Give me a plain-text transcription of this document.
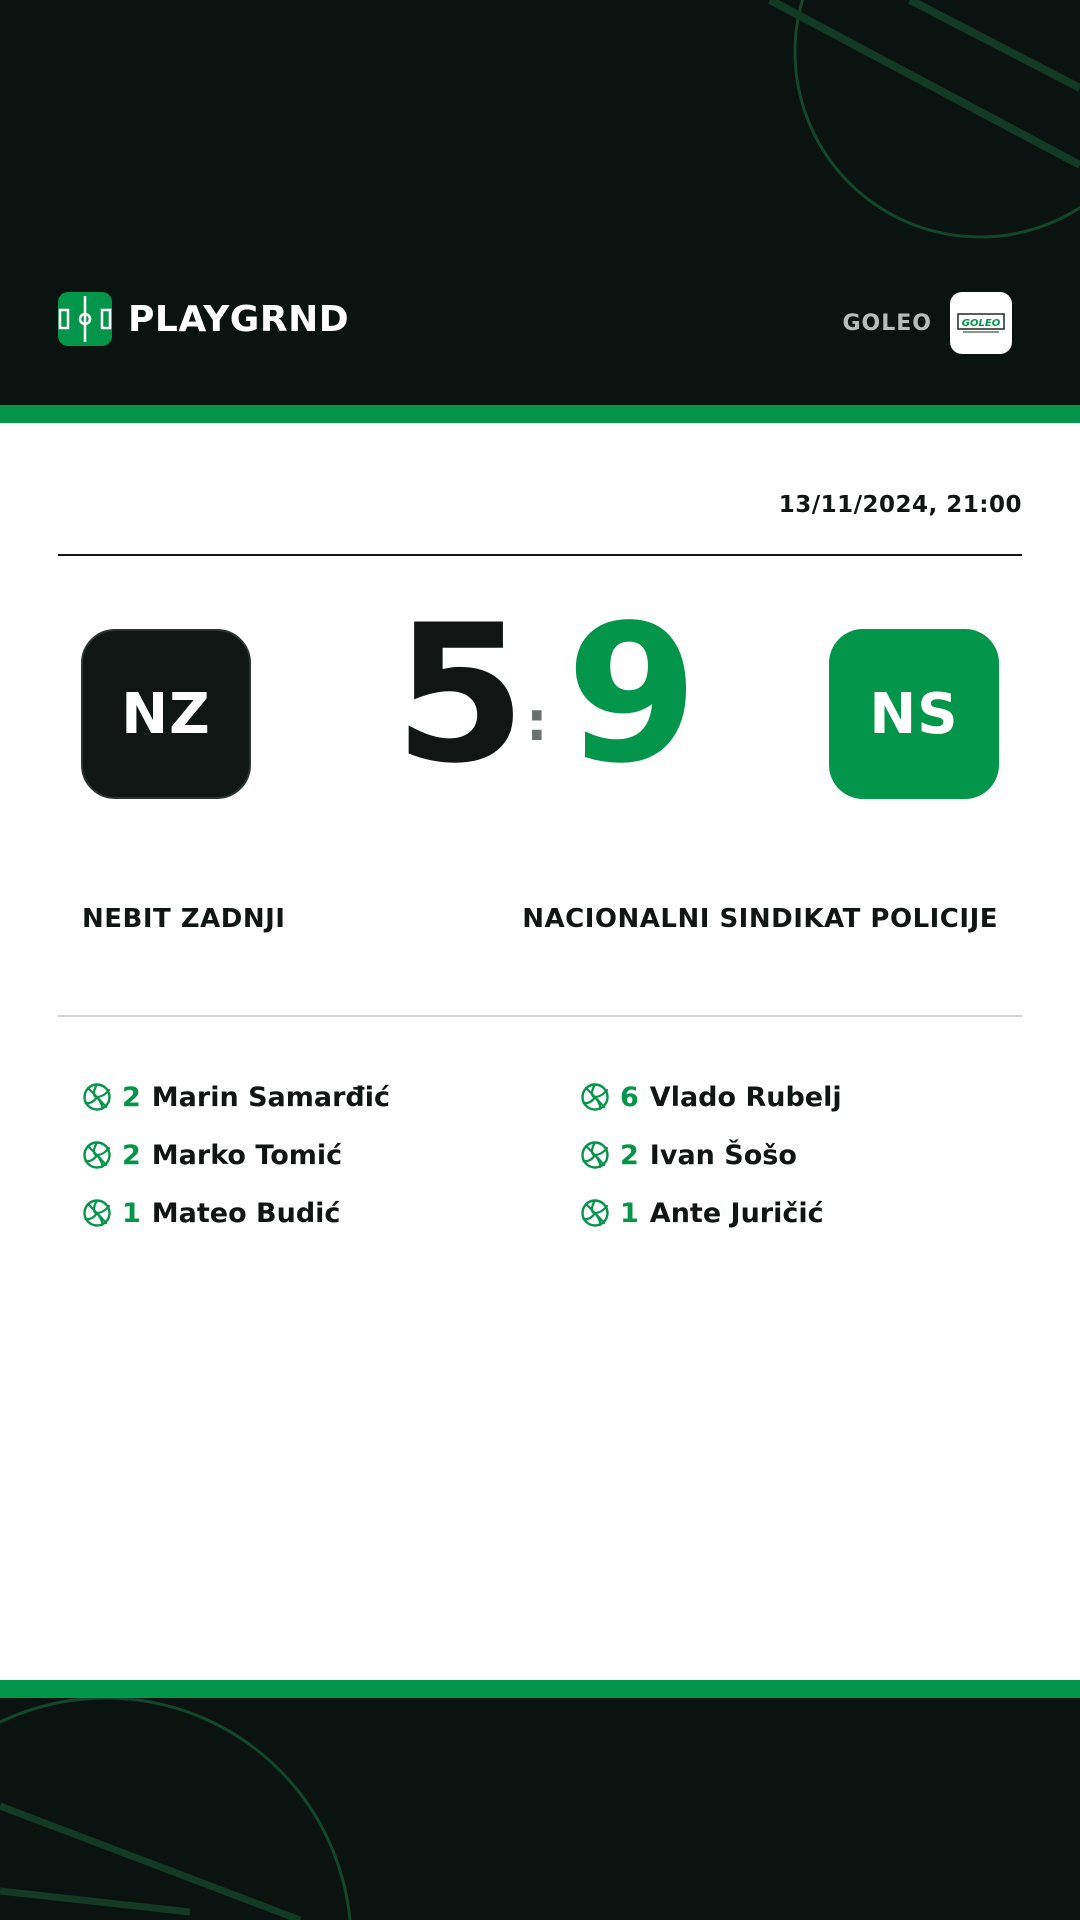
PLAYGRND	GOLEO	GOLEO
13/11/2024, 21:00
NZ 5 : 9	NS
NEBIT ZADNJI	NACIONALNI SINDIKAT POLICIJE
2 Marin Samarđić
2 Marko Tomić
1 Mateo Budić
6 Vlado Rubelj
2 Ivan Šošo
1 Ante Juričić
